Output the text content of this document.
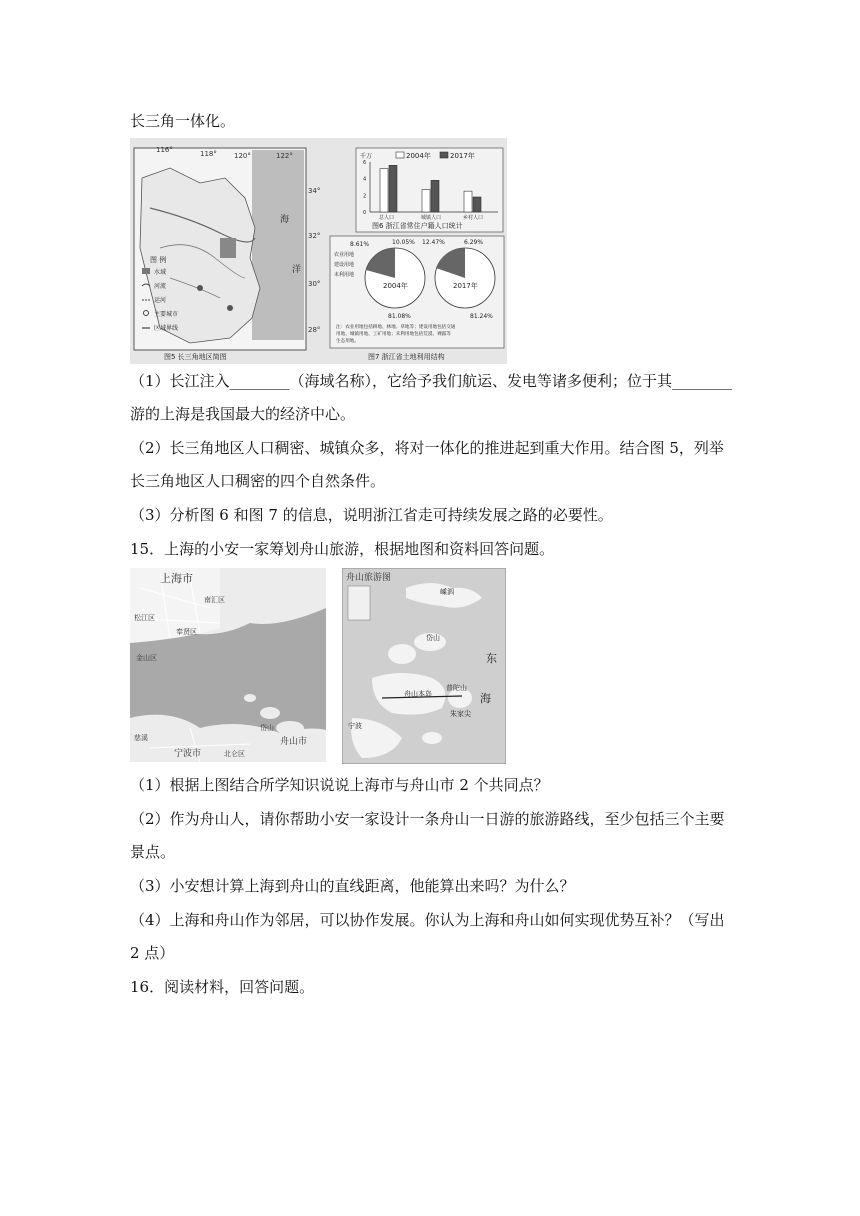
长三角一体化。
116°	118° 120°	122°
34°
32°
30°
28°
海
洋
图 例
水域
河流
运河
主要城市
区域界线
图5 长三角地区简图
千万	2004年	2017年
0
2
4
6
总人口	城镇人口	乡村人口
图6 浙江省常住户籍人口统计
农业用地
建设用地
未利用地
2004年
8.61%	10.05%
81.08%
2017年
12.47%	6.29%
81.24%
注：农业用地包括耕地、林地、草地等；建设用地包括交通
用地、城镇用地、工矿用地；未利用地包括荒漠、裸露等
生态用地。
图7 浙江省土地利用结构
（1）长江注入________（海域名称），它给予我们航运、发电等诸多便利；位于其________
游的上海是我国最大的经济中心。
（2）长三角地区人口稠密、城镇众多，将对一体化的推进起到重大作用。结合图 5，列举
长三角地区人口稠密的四个自然条件。
（3）分析图 6 和图 7 的信息，说明浙江省走可持续发展之路的必要性。
15．上海的小安一家筹划舟山旅游，根据地图和资料回答问题。
上海市
舟山市
宁波市
松江区
金山区
岱山
奉贤区
南汇区
北仑区
慈溪
舟山旅游图
嵊泗
岱山
舟山本岛
普陀山
朱家尖
东
海
宁波
（1）根据上图结合所学知识说说上海市与舟山市 2 个共同点？
（2）作为舟山人，请你帮助小安一家设计一条舟山一日游的旅游路线，至少包括三个主要
景点。
（3）小安想计算上海到舟山的直线距离，他能算出来吗？为什么？
（4）上海和舟山作为邻居，可以协作发展。你认为上海和舟山如何实现优势互补？（写出
2 点）
16．阅读材料，回答问题。
